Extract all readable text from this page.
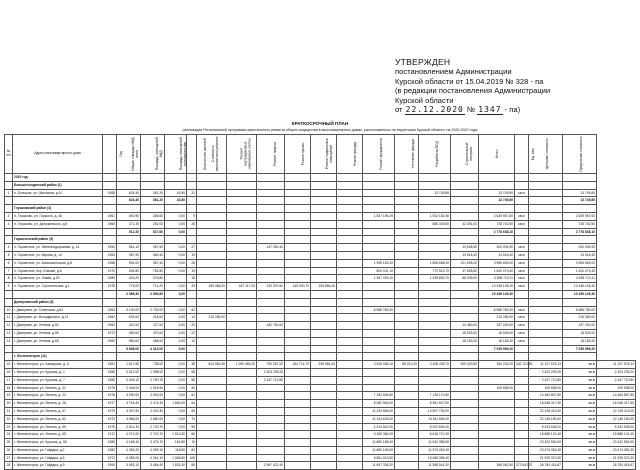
УТВЕРЖДЕН
постановлением Администрации
Курской области от 15.04.2019 № 328 - па
(в редакции постановления Администрации
Курской области
от 22.12.2020 № 1347 - па)
КРАТКОСРОЧНЫЙ ПЛАН
реализации Региональной программы капитального ремонта общего имущества в многоквартирных домах, расположенных на территории Курской области, на 2020-2022 годы
№ п/п	Адрес многоквартирного дома	Год	Общая площадь МКД, всего	Площадь помещений МКД	Площадь помещений муниципальная	Количество жителей	Стоимость капитального ремонта	Ремонт внутридомовых инженерных систем	Ремонт лифтов	Ремонт крыши	Ремонт подвальных помещений	Ремонт фасада	Ремонт фундамента	Утепление фасада	Разработка ПСД	Строительный контроль	Итого	Ед. изм.	Удельная стоимость	Предельная стоимость	
	2020 год																				
	Большесолдатский район (1)																				
1	п. Большое, ул. Школьная, д.10	1968	624,40	361,20	43,80	31									13 749,89		13 749,89	кв.м		13 749,89	
			624,40	361,20	43,80												13 749,89			13 749,89	
	Глушковский район (3)																				
2	п. Глушково, ул. Горького, д. 36	1961	540,90	265,60	0,00	9							1 637 195,29		1 002 182,46		2 639 957,60	кв.м		2 639 957,60	
3	п. Глушково, ул. Дзержинского, д.5	1965	371,30	262,00	0,00	26									686 349,50	42 391,00	728 740,50	кв.м		728 740,50	
			912,20	527,60	0,00												2 778 638,10			2 778 638,10	
	Горшеченский район (5)																				
4	п. Горшечное, ул. Железнодорожная, д. 14	1950	561,10	357,60	0,00	27			137 250,40							13 548,50	200 004,90	кв.м		200 004,90	
5	п. Горшечное, ул. Кирова, д. 14	1964	357,90	360,40	0,00	19										13 518,40	13 518,40	кв.м		13 518,40	
6	п. Горшечное, ул. Комсомольская, д.8	1968	592,00	357,40	0,00	26							1 995 183,20		1 808 658,40	121 695,20	3 965 653,00	кв.м		3 965 653,00	
7	п. Горшечное, пер. Южный, д.6	1970	592,80	782,80	0,00	19							800 031,10		772 513,70	47 528,60	1 620 073,40	кв.м		1 620 073,40	
8	п. Горшечное, ул. Новая, д.20	1985	415,20	376,80		18							1 457 033,10		1 435 890,70	88 339,00	4 635 713,11	кв.м		4 635 713,11	
9	п. Горшечное, ул. Строительная, д.1	1978	775,00	714,20	0,00	25	263 486,00	447 117,00	233 297,60	149 000,70	105 586,40						10 436 145,40	кв.м		10 436 145,40	
			2 989,30	2 590,80	0,00												10 436 145,40			10 436 145,40	
	Дмитриевский район (5)																				
10	г. Дмитриев, ул. Советская, д.81	1963	3 100,00	2 730,00	0,00	52							6 586 780,00				6 586 780,00	кв.м		6 586 780,00	
11	г. Дмитриев, ул. Володарского, д.21	1982	633,00	418,00	0,00	12	215 280,00										215 280,00	кв.м		215 280,00	
12	г. Дмитриев, ул. Ленина, д.50	1964	422,00	227,00	0,00	20			182 780,00							14 450,00	197 230,00	кв.м		197 230,00	
13	г. Дмитриев, ул. Ленина, д.58	1972	550,00	470,00	0,00	22										18 526,00	18 526,00	кв.м		18 526,00	
14	г. Дмитриев, ул. Ленина, д.65	1960	560,00	468,00	0,00	10										18 183,20	18 183,20	кв.м		18 183,20	
			5 665,00	4 313,00	0,00												7 035 999,20			7 035 999,20	
	г. Железногорск (11)																				
15	г. Железногорск, ул. Заводская, д. 6	1981	1 817,80	738,00	0,00	38	624 960,40	1 090 469,20	790 287,00	154 714,70	249 964,40		3 526 936,10	89 210,20	3 408 438,70	309 329,80	354 233,20	232 721,60	11 107 576,13	кв.м	11 107 576,13
16	г. Железногорск, ул. Курская, д. 1	1986	3 812,00	1 998,00	0,00	68			2 403 299,20										2 403 299,20	кв.м	2 403 299,20
17	г. Железногорск, ул. Курская, д. 7	1980	3 045,10	2 790,70	0,00	56			2 447 710,80										2 447 710,80	кв.м	2 447 710,80
18	г. Железногорск, ул. Ленина, д. 21	1975	2 045,00	1 918,90	0,00	40											109 598,00		109 598,00	кв.м	109 598,00
19	г. Железногорск, ул. Ленина, д. 24	1976	3 090,00	2 930,00	0,00	62							7 332 694,80		7 128 172,80				14 460 867,80	кв.м	14 460 867,80
20	г. Железногорск, ул. Ленина, д. 28	1977	3 718,40	2 474,40	1 660,00	64							8 082 960,00		8 951 527,50				16 948 317,50	кв.м	16 948 317,50
21	г. Железногорск, ул. Ленина, д. 57	1979	3 307,90	2 020,30	0,00	65							11 220 665,00		10 907 730,00				22 128 413,00	кв.м	22 128 413,00
22	г. Железногорск, ул. Ленина, д. 62	1972	3 866,00	2 880,00	0,00	70							11 324 626,00		10 811 554,00				22 136 180,00	кв.м	22 136 180,00
23	г. Железногорск, ул. Ленина, д. 65	1975	2 811,30	2 720,70	0,00	59							1 410 842,00		5 022 694,00				6 433 536,00	кв.м	6 433 536,00
24	г. Железногорск, ул. Ленина, д. 65	1972	4 071,00	2 720,70	1 512,80	66							9 269 384,00		6 618 747,40				15 888 131,40	кв.м	15 888 131,40
25	г. Железногорск, ул. Курская, д. 58	1985	4 165,40	3 476,70	164,80	76							11 880 168,40		11 542 386,50				23 422 554,90	кв.м	23 422 554,90
26	г. Железногорск, ул. Гайдара, д.2	1982	4 063,20	4 099,10	118,80	84							11 880 169,00		11 573 263,30				23 474 382,30	кв.м	23 474 382,30
27	г. Железногорск, ул. Гайдара, д.6	1972	6 085,00	4 061,10	1 068,80	108							6 861 013,90		15 068 356,40				21 929 370,30	кв.м	21 929 370,30
28	г. Железногорск, ул. Гайдара, д.9	1990	3 953,10	3 484,40	1 533,30	80			2 967 022,40				11 697 336,20		11 558 541,20		396 062,50	373 542,37	26 784 416,67	кв.м	26 784 416,67
